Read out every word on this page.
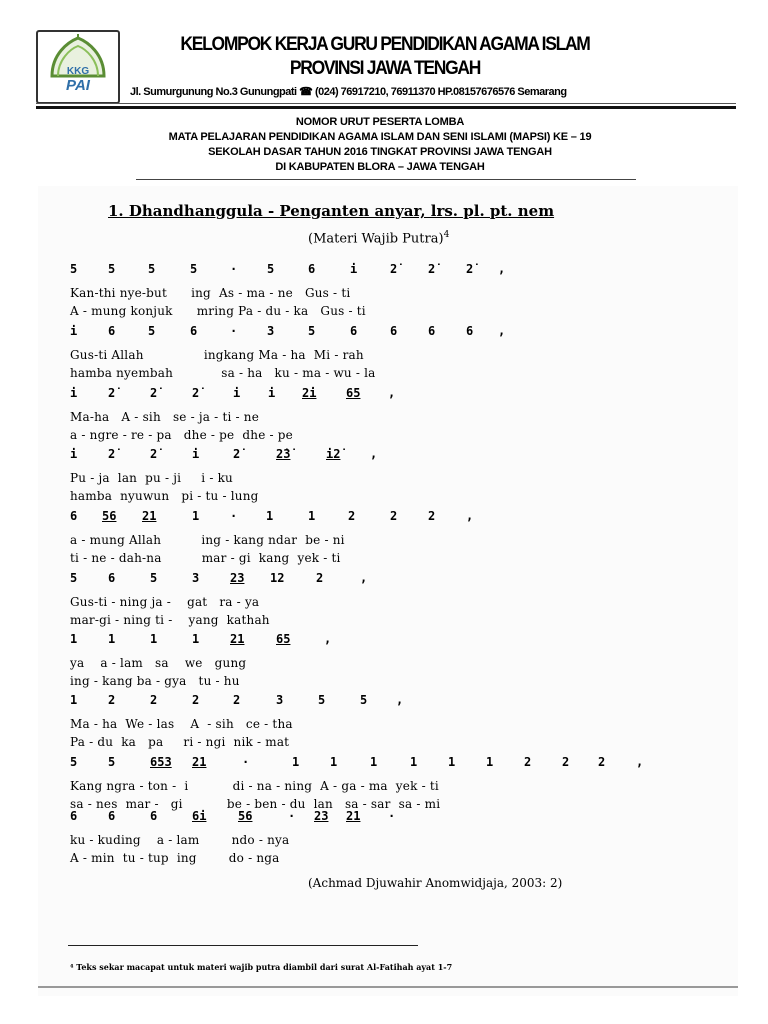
KKG
PAI
KELOMPOK KERJA GURU PENDIDIKAN AGAMA ISLAM
PROVINSI JAWA TENGAH
Jl. Sumurgunung No.3 Gunungpati ☎ (024) 76917210, 76911370 HP.08157676576 Semarang
NOMOR URUT PESERTA LOMBA
MATA PELAJARAN PENDIDIKAN AGAMA ISLAM DAN SENI ISLAMI (MAPSI) KE – 19
SEKOLAH DASAR TAHUN 2016 TINGKAT PROVINSI JAWA TENGAH
DI KABUPATEN BLORA – JAWA TENGAH
1. Dhandhanggula - Penganten anyar, lrs. pl. pt. nem
(Materi Wajib Putra)$^4$
5	5	5	5	· 5	6	i	2̇	2̇	2̇ ,
Kan-thi nye-but      ing  As - ma - ne   Gus - ti
A - mung konjuk      mring Pa - du - ka   Gus - ti
i	6	5	6	· 3	5	6	6	6	6 ,
Gus-ti Allah               ingkang Ma - ha  Mi - rah
hamba nyembah            sa - ha   ku - ma - wu - la
i	2̇	2̇	2̇	i i 2̇i 65 ,
Ma-ha   A - sih   se - ja - ti - ne
a - ngre - re - pa   dhe - pe  dhe - pe
i	2̇	2̇	i	2̇	2̇3̇	i2̇ ,
Pu - ja  lan  pu - ji     i - ku
hamba  nyuwun   pi - tu - lung
6 56 21	1	· 1	1	2	2	2	,
a - mung Allah          ing - kang ndar  be - ni
ti - ne - dah-na          mar - gi  kang  yek - ti
5	6	5	3	23 12	2	,
Gus-ti - ning ja -    gat   ra - ya
mar-gi - ning ti -    yang  kathah
1	1	1	1	21	65	,
ya    a - lam   sa    we   gung
ing - kang ba - gya   tu - hu
1	2	2	2	2	3	5	5 ,
Ma - ha  We - las    A  - sih   ce - tha
Pa - du  ka   pa     ri - ngi  nik - mat
5	5	653 21	·	1	1	1	1	1	1	2	2 2	,
Kang ngra - ton -  i           di - na - ning  A - ga - ma  yek - ti
sa - nes  mar -   gi           be - ben - du  lan   sa - sar  sa - mi
6	6	6	6i	56	· 23 21 ·
ku - kuding    a - lam        ndo - nya
A - min  tu - tup  ing        do - nga
(Achmad Djuwahir Anomwidjaja, 2003: 2)
⁴ Teks sekar macapat untuk materi wajib putra diambil dari surat Al-Fatihah ayat 1-7
